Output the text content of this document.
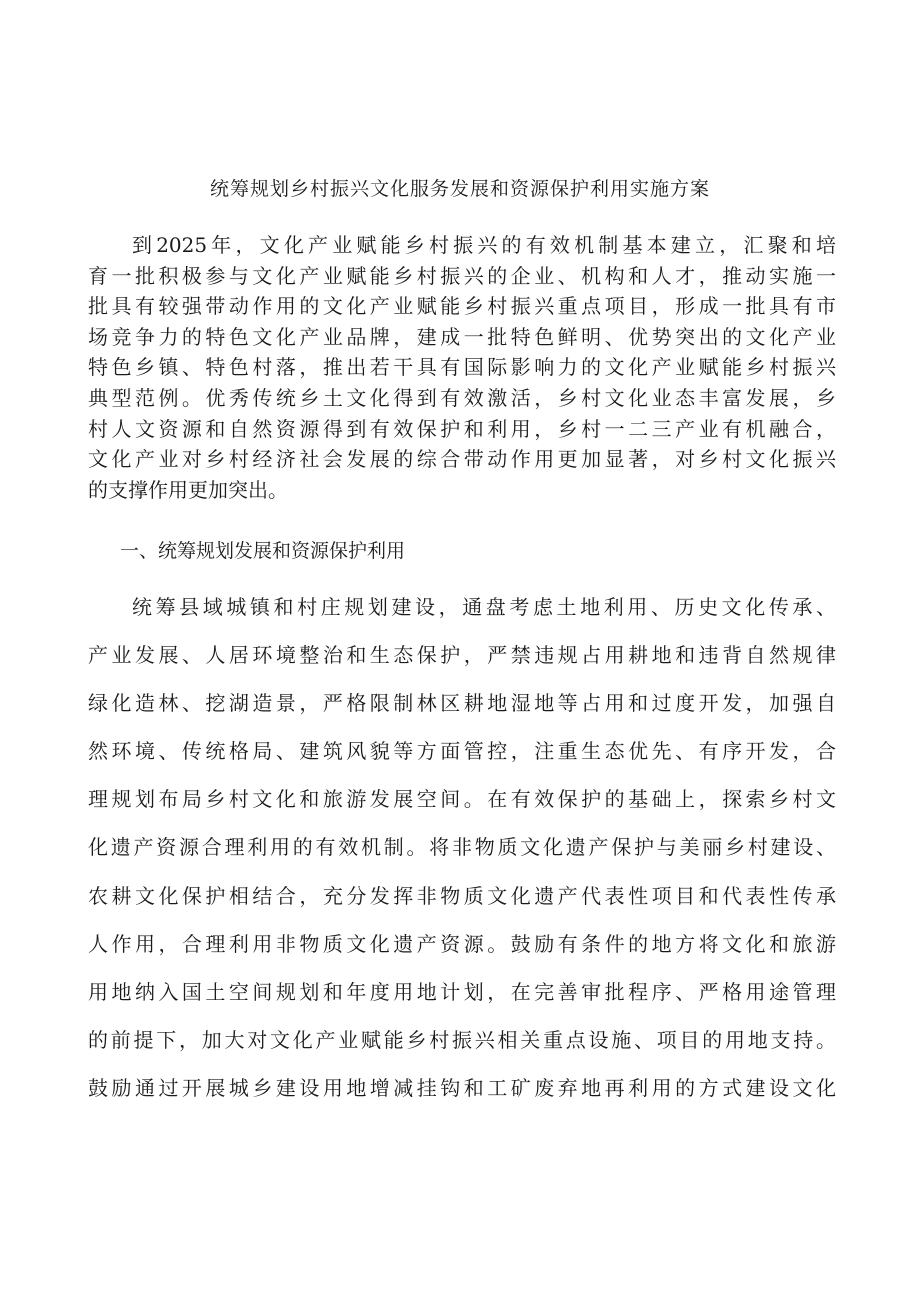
统筹规划乡村振兴文化服务发展和资源保护利用实施方案
到2025年，文化产业赋能乡村振兴的有效机制基本建立，汇聚和培
育一批积极参与文化产业赋能乡村振兴的企业、机构和人才，推动实施一
批具有较强带动作用的文化产业赋能乡村振兴重点项目，形成一批具有市
场竞争力的特色文化产业品牌，建成一批特色鲜明、优势突出的文化产业
特色乡镇、特色村落，推出若干具有国际影响力的文化产业赋能乡村振兴
典型范例。优秀传统乡土文化得到有效激活，乡村文化业态丰富发展，乡
村人文资源和自然资源得到有效保护和利用，乡村一二三产业有机融合，
文化产业对乡村经济社会发展的综合带动作用更加显著，对乡村文化振兴
的支撑作用更加突出。
一、统筹规划发展和资源保护利用
统筹县域城镇和村庄规划建设，通盘考虑土地利用、历史文化传承、
产业发展、人居环境整治和生态保护，严禁违规占用耕地和违背自然规律
绿化造林、挖湖造景，严格限制林区耕地湿地等占用和过度开发，加强自
然环境、传统格局、建筑风貌等方面管控，注重生态优先、有序开发，合
理规划布局乡村文化和旅游发展空间。在有效保护的基础上，探索乡村文
化遗产资源合理利用的有效机制。将非物质文化遗产保护与美丽乡村建设、
农耕文化保护相结合，充分发挥非物质文化遗产代表性项目和代表性传承
人作用，合理利用非物质文化遗产资源。鼓励有条件的地方将文化和旅游
用地纳入国土空间规划和年度用地计划，在完善审批程序、严格用途管理
的前提下，加大对文化产业赋能乡村振兴相关重点设施、项目的用地支持。
鼓励通过开展城乡建设用地增减挂钩和工矿废弃地再利用的方式建设文化
